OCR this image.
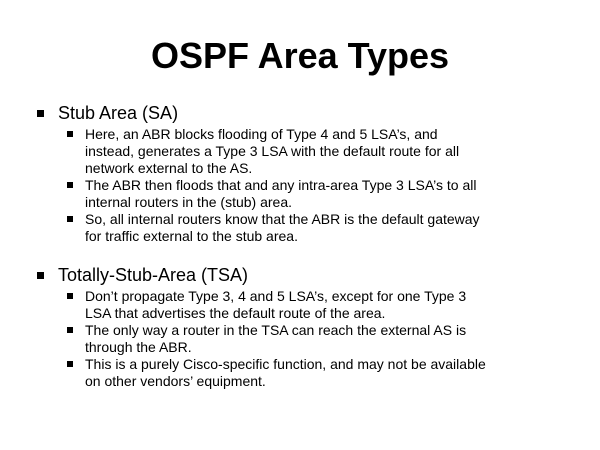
OSPF Area Types
Stub Area (SA)
Here, an ABR blocks flooding of Type 4 and 5 LSA’s, and
instead, generates a Type 3 LSA with the default route for all
network external to the AS.
The ABR then floods that and any intra-area Type 3 LSA’s to all
internal routers in the (stub) area.
So, all internal routers know that the ABR is the default gateway
for traffic external to the stub area.
Totally-Stub-Area (TSA)
Don’t propagate Type 3, 4 and 5 LSA’s, except for one Type 3
LSA that advertises the default route of the area.
The only way a router in the TSA can reach the external AS is
through the ABR.
This is a purely Cisco-specific function, and may not be available
on other vendors’ equipment.
